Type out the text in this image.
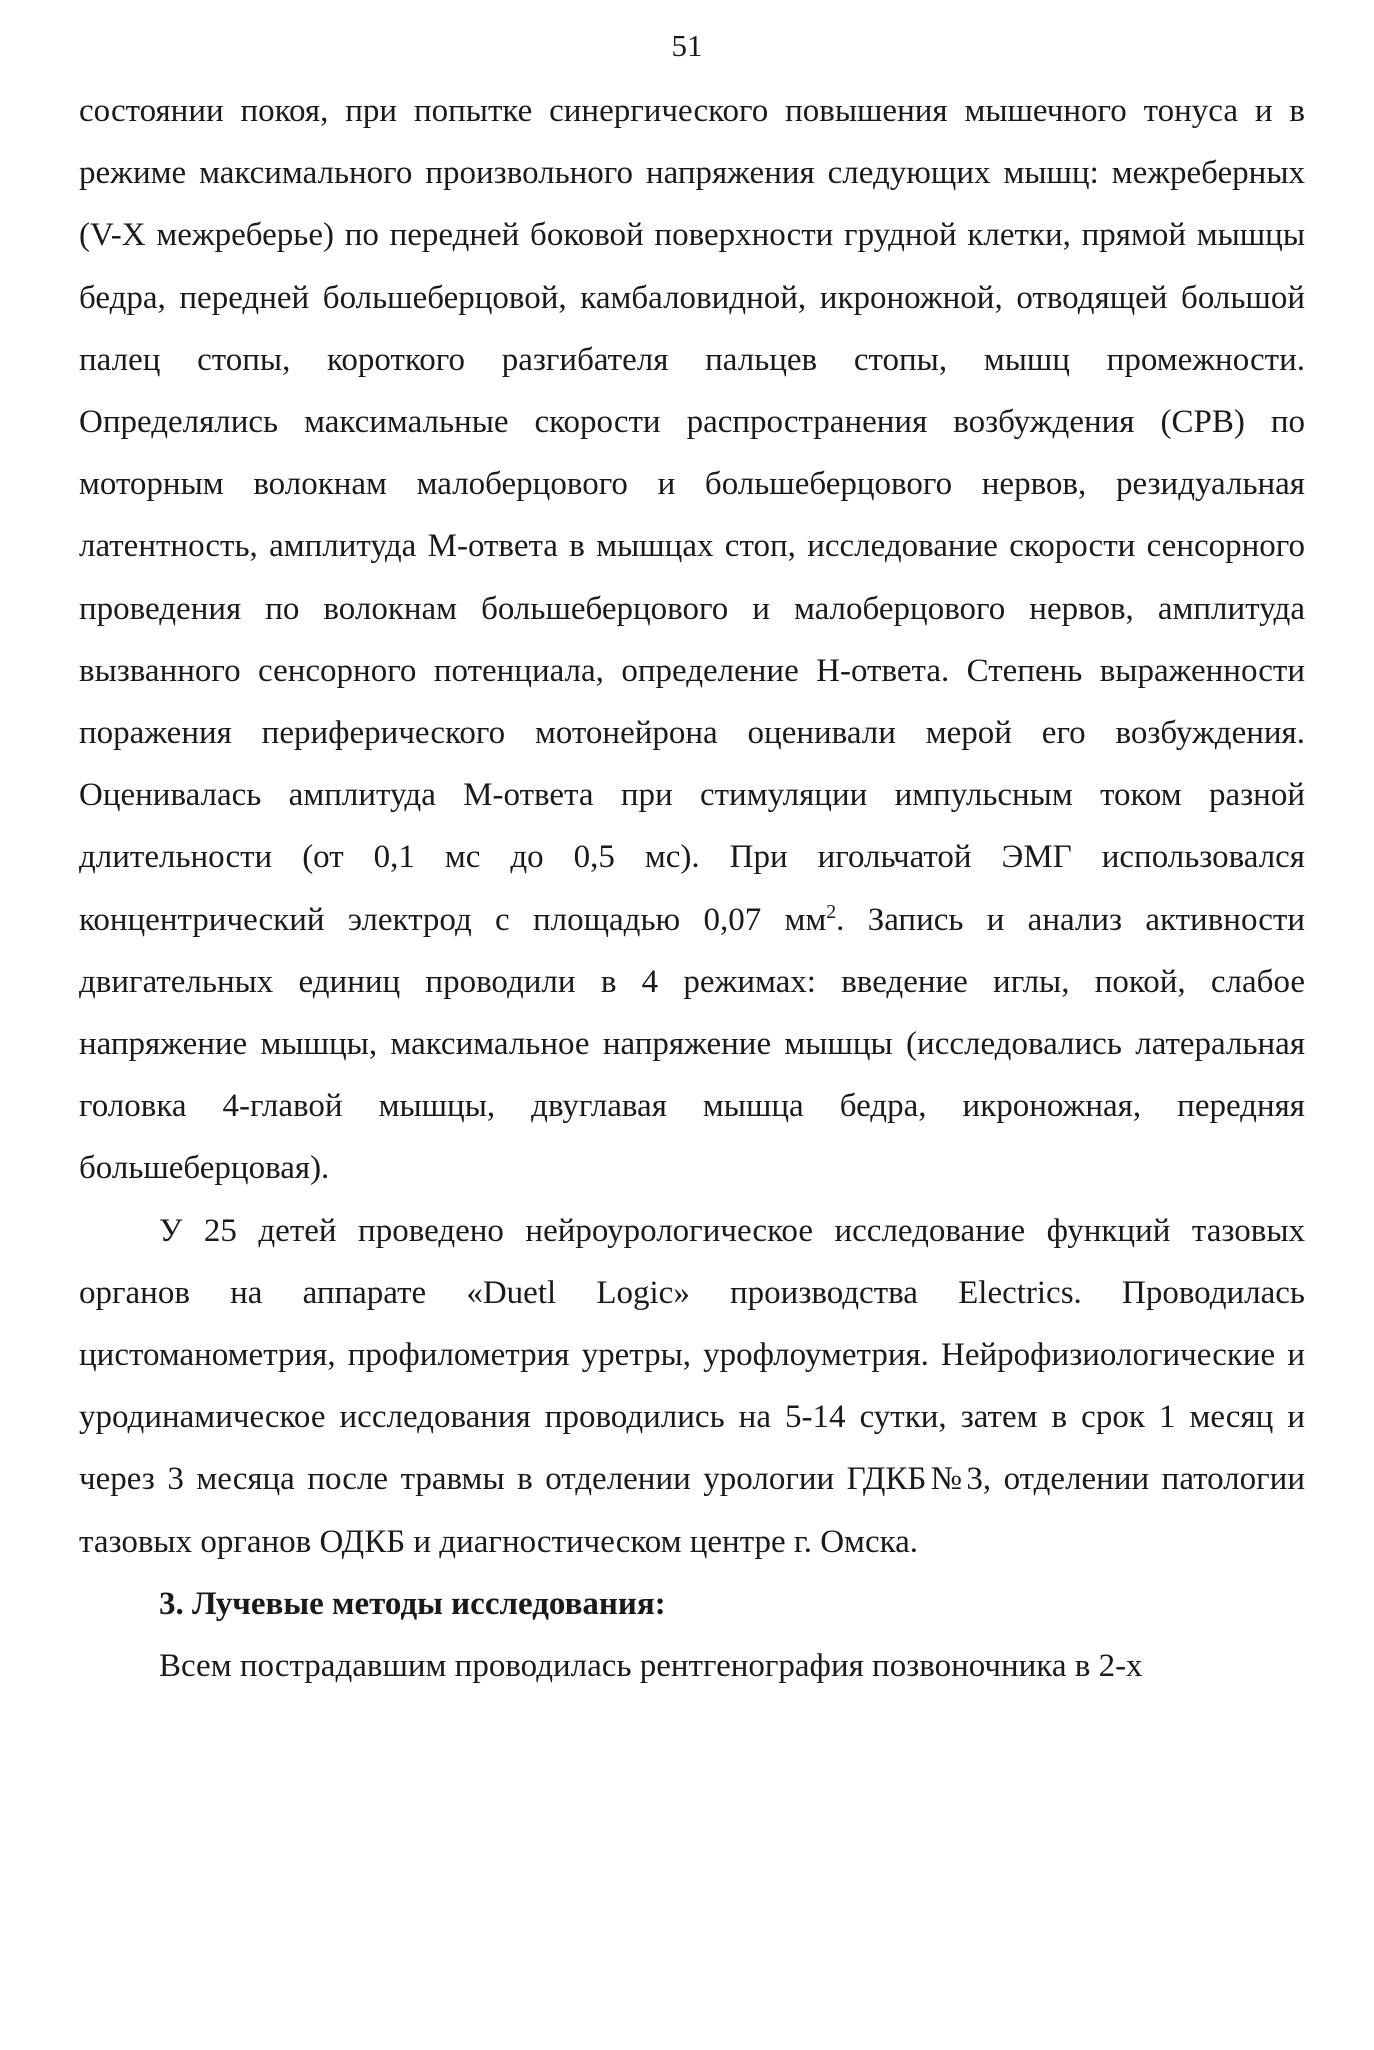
51

состоянии покоя, при попытке синергического повышения мышечного тонуса и в режиме максимального произвольного напряжения следующих мышц: межреберных (V-X межреберье) по передней боковой поверхности грудной клетки, прямой мышцы бедра, передней большеберцовой, камбаловидной, икроножной, отводящей большой палец стопы, короткого разгибателя пальцев стопы, мышц промежности. Определялись максимальные скорости распространения возбуждения (СРВ) по моторным волокнам малоберцового и большеберцового нервов, резидуальная латентность, амплитуда М-ответа в мышцах стоп, исследование скорости сенсорного проведения по волокнам большеберцового и малоберцового нервов, амплитуда вызванного сенсорного потенциала, определение Н-ответа. Степень выраженности поражения периферического мотонейрона оценивали мерой его возбуждения. Оценивалась амплитуда М-ответа при стимуляции импульсным током разной длительности (от 0,1 мс до 0,5 мс). При игольчатой ЭМГ использовался концентрический электрод с площадью 0,07 $мм^2$. Запись и анализ активности двигательных единиц проводили в 4 режимах: введение иглы, покой, слабое напряжение мышцы, максимальное напряжение мышцы (исследовались латеральная головка 4-главой мышцы, двуглавая мышца бедра, икроножная, передняя большеберцовая).

У 25 детей проведено нейроурологическое исследование функций тазовых органов на аппарате «Duetl Logic» производства Electrics. Проводилась цистоманометрия, профилометрия уретры, урофлоуметрия. Нейрофизиологические и уродинамическое исследования проводились на 5-14 сутки, затем в срок 1 месяц и через 3 месяца после травмы в отделении урологии ГДКБ№3, отделении патологии тазовых органов ОДКБ и диагностическом центре г. Омска.

3. Лучевые методы исследования:

Всем пострадавшим проводилась рентгенография позвоночника в 2-х
